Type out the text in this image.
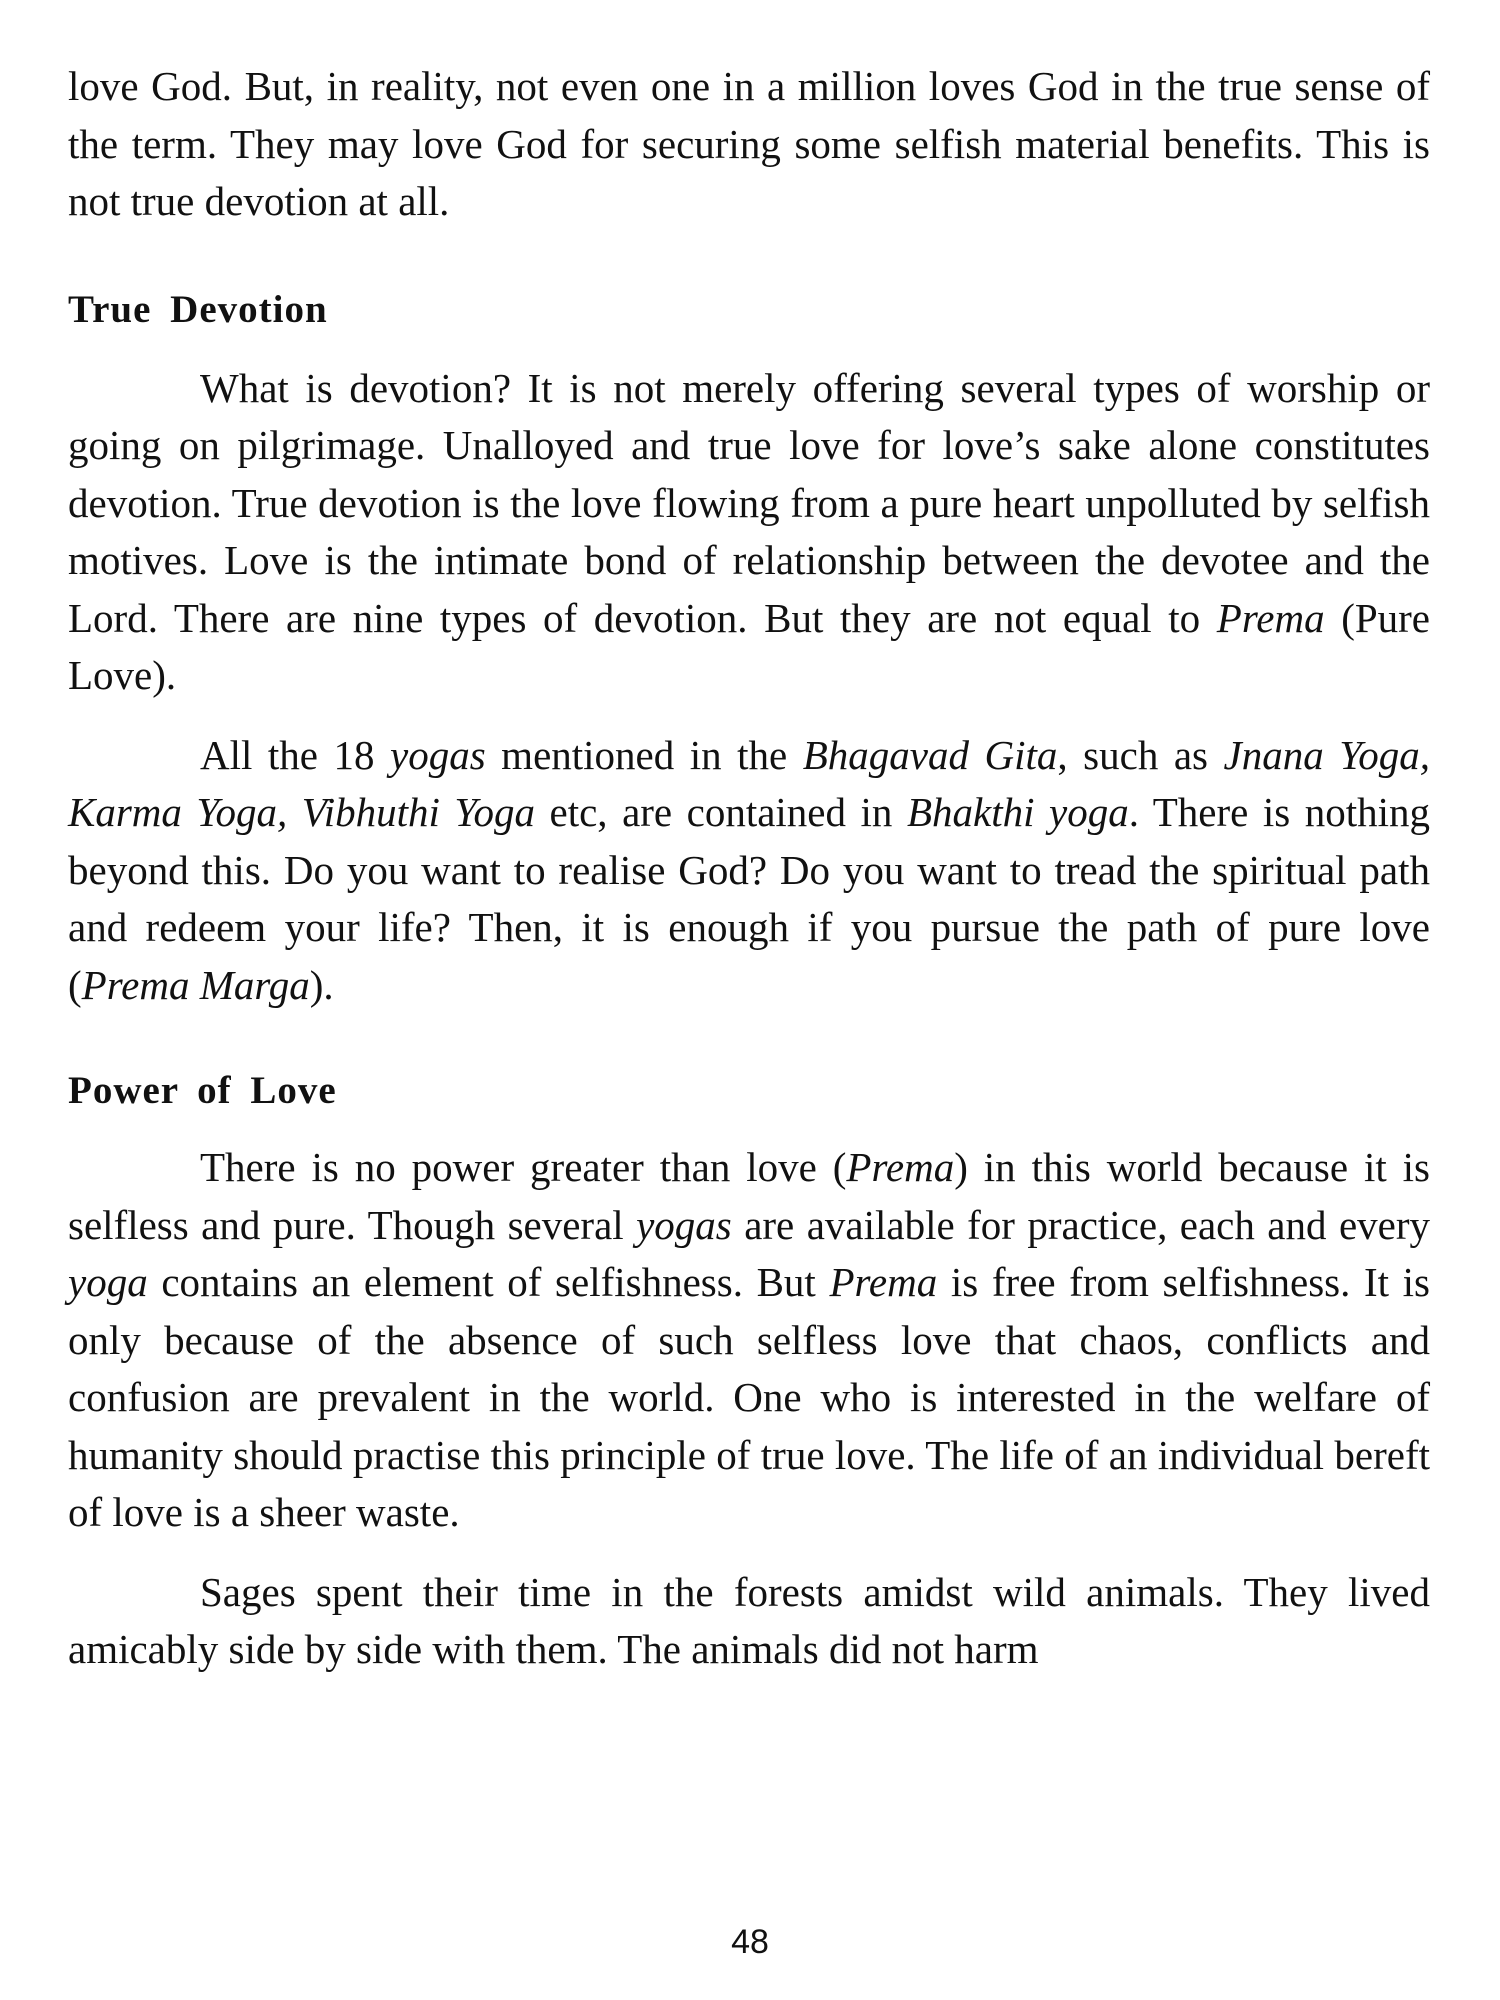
love God. But, in reality, not even one in a million loves God in the true sense of the term. They may love God for securing some selfish material benefits. This is not true devotion at all.

True Devotion

What is devotion? It is not merely offering several types of worship or going on pilgrimage. Unalloyed and true love for love’s sake alone constitutes devotion. True devotion is the love flowing from a pure heart unpolluted by selfish motives. Love is the intimate bond of relationship between the devotee and the Lord. There are nine types of devotion. But they are not equal to Prema (Pure Love).

All the 18 yogas mentioned in the Bhagavad Gita, such as Jnana Yoga, Karma Yoga, Vibhuthi Yoga etc, are contained in Bhakthi yoga. There is nothing beyond this. Do you want to realise God? Do you want to tread the spiritual path and redeem your life? Then, it is enough if you pursue the path of pure love (Prema Marga).

Power of Love

There is no power greater than love (Prema) in this world because it is selfless and pure. Though several yogas are available for practice, each and every yoga contains an element of selfishness. But Prema is free from selfishness. It is only because of the absence of such selfless love that chaos, conflicts and confusion are prevalent in the world. One who is interested in the welfare of humanity should practise this principle of true love. The life of an individual bereft of love is a sheer waste.

Sages spent their time in the forests amidst wild animals. They lived amicably side by side with them. The animals did not harm

48
